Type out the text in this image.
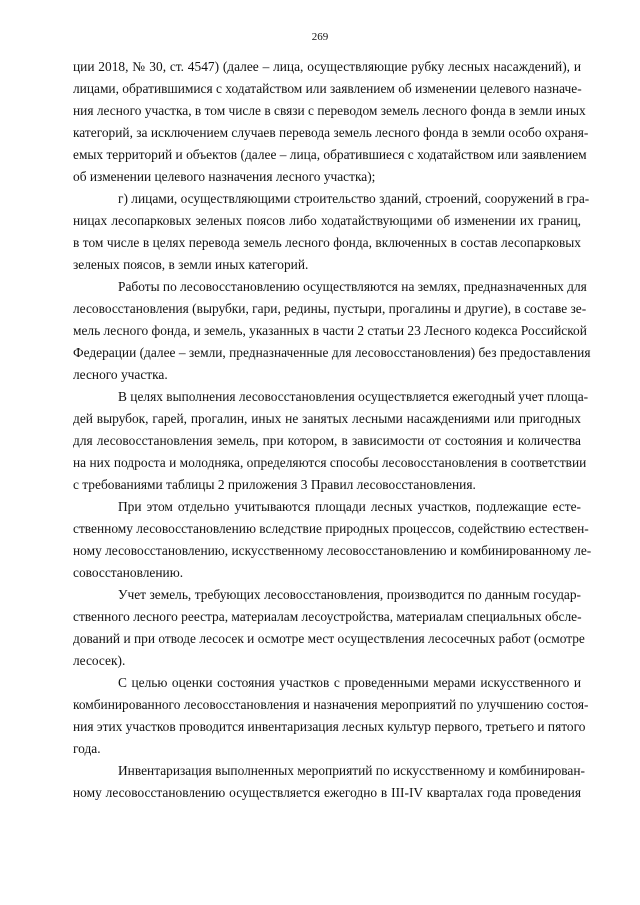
269
ции 2018, № 30, ст. 4547) (далее – лица, осуществляющие рубку лесных насаждений), и
лицами, обратившимися с ходатайством или заявлением об изменении целевого назначе-
ния лесного участка, в том числе в связи с переводом земель лесного фонда в земли иных
категорий, за исключением случаев перевода земель лесного фонда в земли особо охраня-
емых территорий и объектов (далее – лица, обратившиеся с ходатайством или заявлением
об изменении целевого назначения лесного участка);
г) лицами, осуществляющими строительство зданий, строений, сооружений в гра-
ницах лесопарковых зеленых поясов либо ходатайствующими об изменении их границ,
в том числе в целях перевода земель лесного фонда, включенных в состав лесопарковых
зеленых поясов, в земли иных категорий.
Работы по лесовосстановлению осуществляются на землях, предназначенных для
лесовосстановления (вырубки, гари, редины, пустыри, прогалины и другие), в составе зе-
мель лесного фонда, и земель, указанных в части 2 статьи 23 Лесного кодекса Российской
Федерации (далее – земли, предназначенные для лесовосстановления) без предоставления
лесного участка.
В целях выполнения лесовосстановления осуществляется ежегодный учет площа-
дей вырубок, гарей, прогалин, иных не занятых лесными насаждениями или пригодных
для лесовосстановления земель, при котором, в зависимости от состояния и количества
на них подроста и молодняка, определяются способы лесовосстановления в соответствии
с требованиями таблицы 2 приложения 3 Правил лесовосстановления.
При этом отдельно учитываются площади лесных участков, подлежащие есте-
ственному лесовосстановлению вследствие природных процессов, содействию естествен-
ному лесовосстановлению, искусственному лесовосстановлению и комбинированному ле-
совосстановлению.
Учет земель, требующих лесовосстановления, производится по данным государ-
ственного лесного реестра, материалам лесоустройства, материалам специальных обсле-
дований и при отводе лесосек и осмотре мест осуществления лесосечных работ (осмотре
лесосек).
С целью оценки состояния участков с проведенными мерами искусственного и
комбинированного лесовосстановления и назначения мероприятий по улучшению состоя-
ния этих участков проводится инвентаризация лесных культур первого, третьего и пятого
года.
Инвентаризация выполненных мероприятий по искусственному и комбинирован-
ному лесовосстановлению осуществляется ежегодно в III-IV кварталах года проведения
